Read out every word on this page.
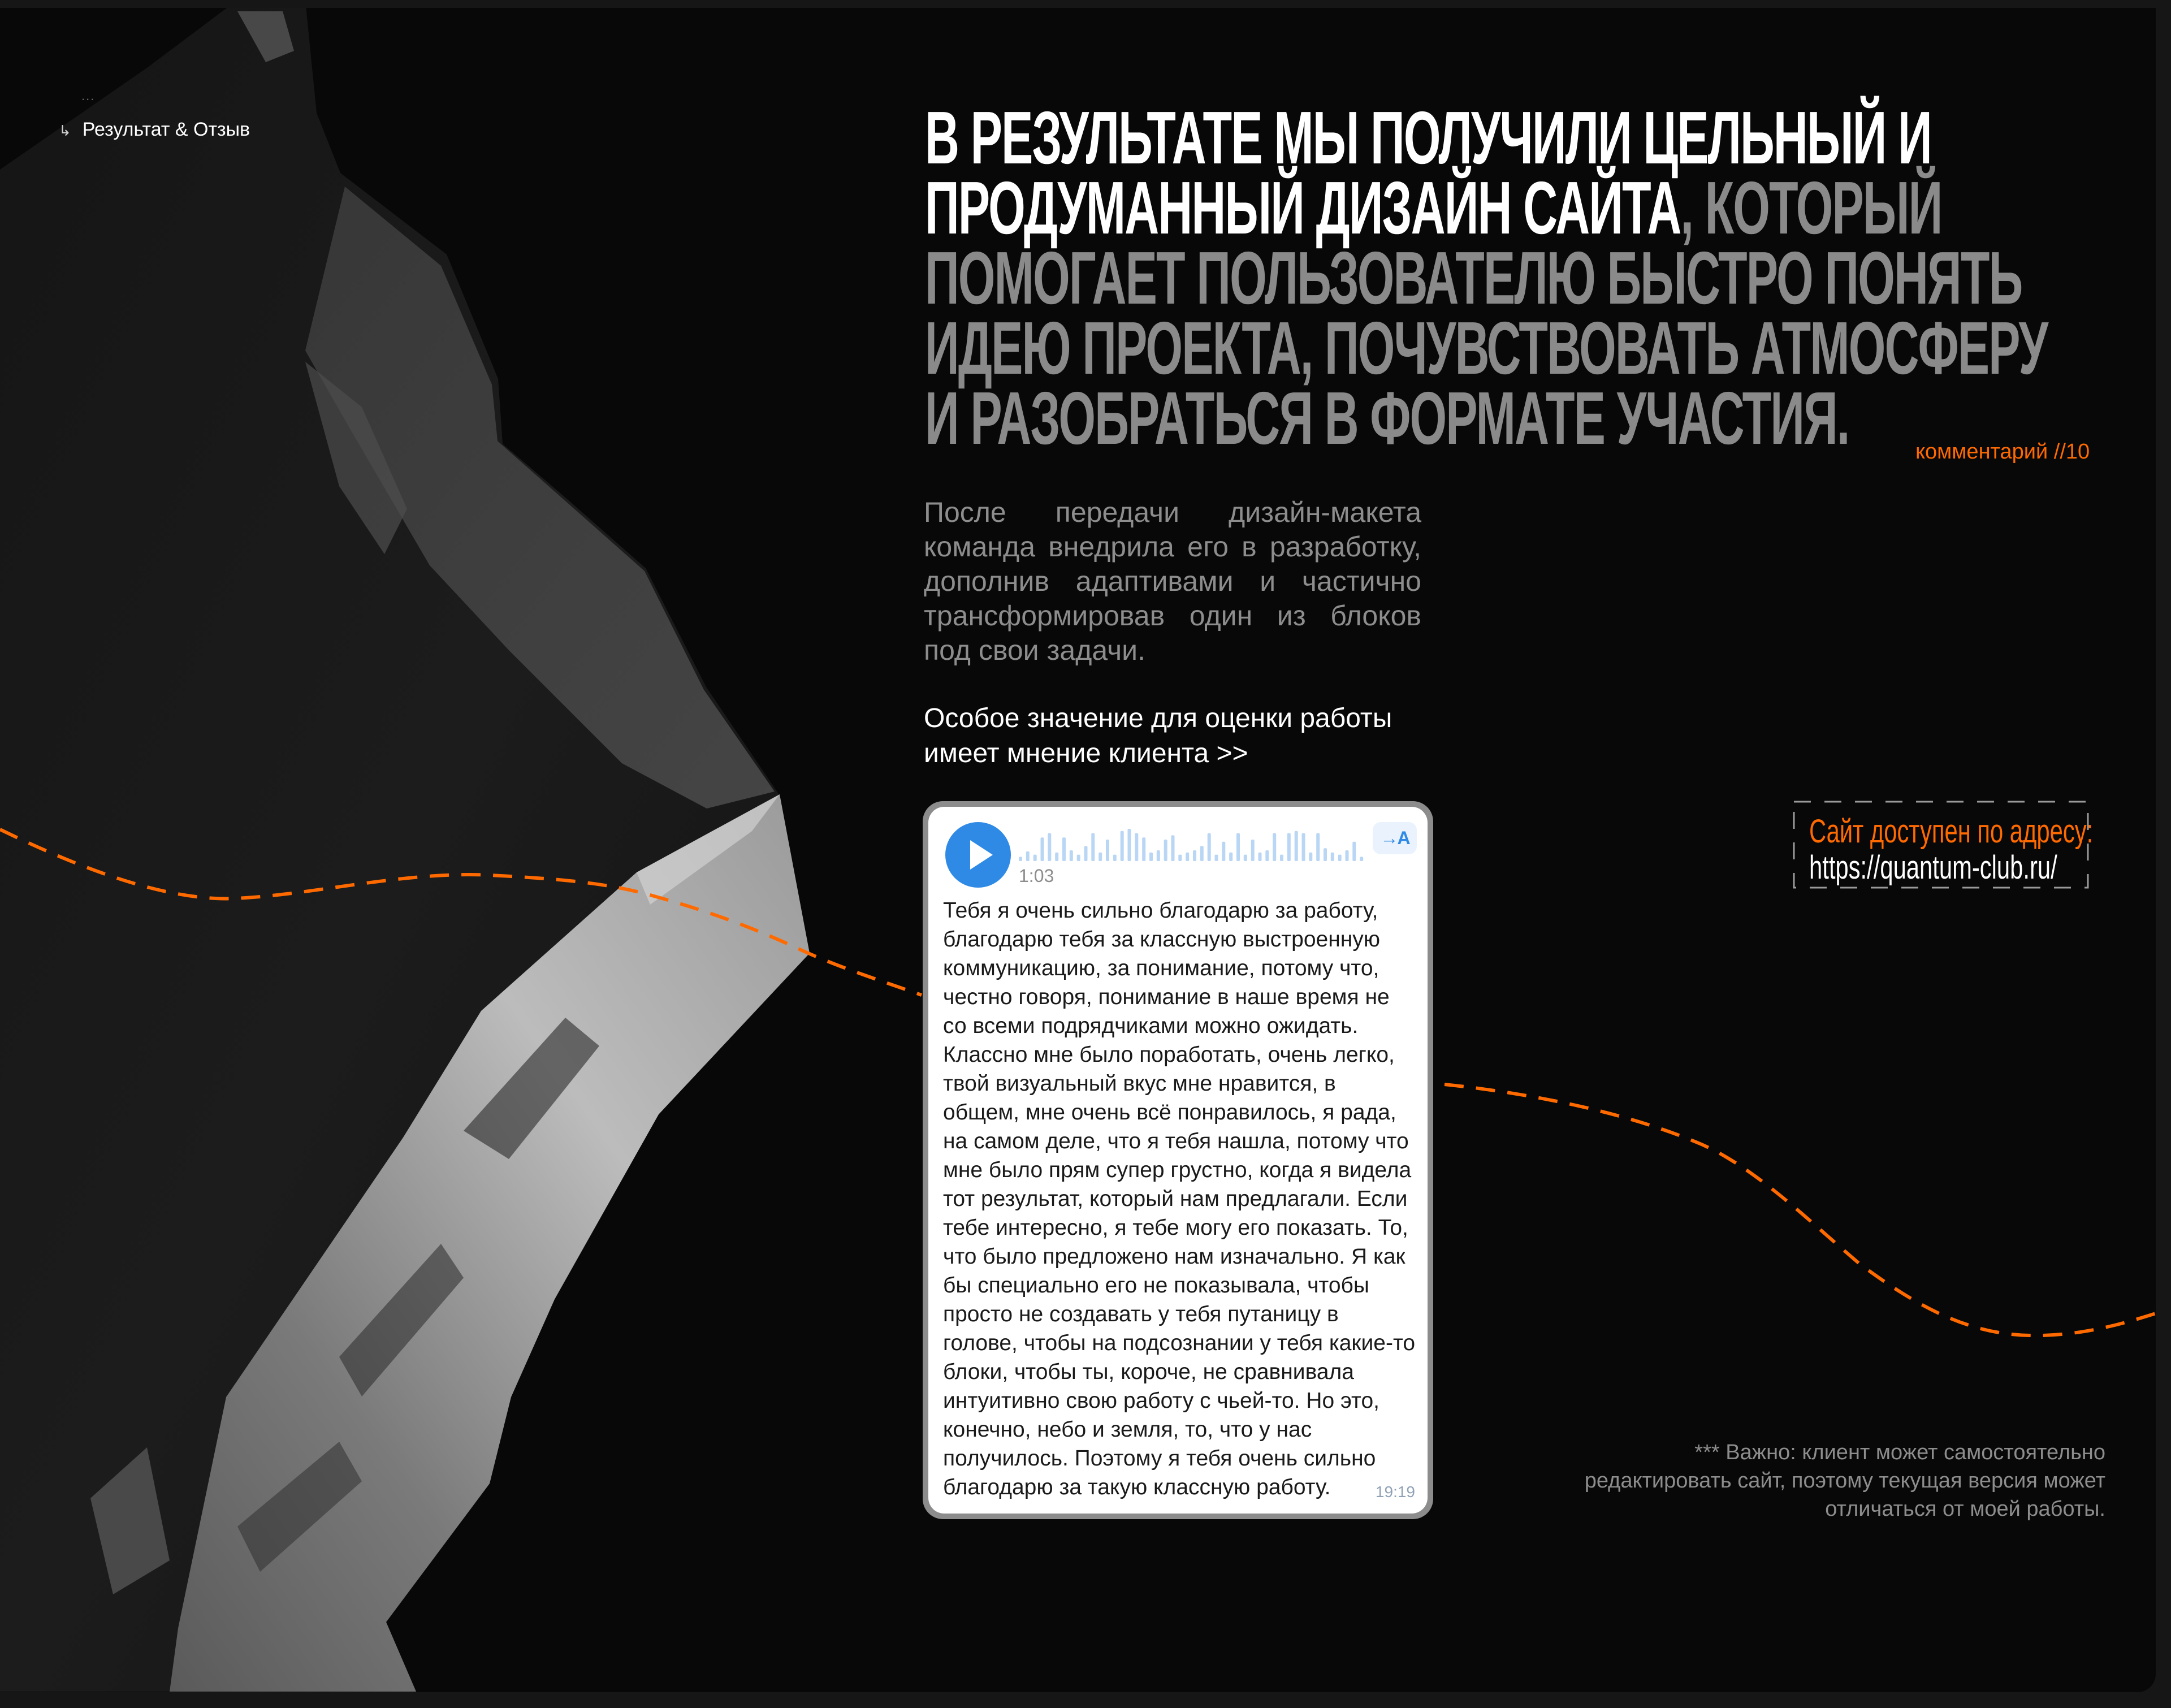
...
↳ Результат & Отзыв	В РЕЗУЛЬТАТЕ МЫ ПОЛУЧИЛИ ЦЕЛЬНЫЙ И
ПРОДУМАННЫЙ ДИЗАЙН САЙТА, КОТОРЫЙ
ПОМОГАЕТ ПОЛЬЗОВАТЕЛЮ БЫСТРО ПОНЯТЬ
ИДЕЮ ПРОЕКТА, ПОЧУВСТВОВАТЬ АТМОСФЕРУ
И РАЗОБРАТЬСЯ В ФОРМАТЕ УЧАСТИЯ.	комментарий //10

После передачи дизайн-макета команда внедрила его в разработку, дополнив адаптивами и частично трансформировав один из блоков под свои задачи.

Особое значение для оценки работы имеет мнение клиента >>

1:03
→A
Тебя я очень сильно благодарю за работу,
благодарю тебя за классную выстроенную
коммуникацию, за понимание, потому что,
честно говоря, понимание в наше время не
со всеми подрядчиками можно ожидать.
Классно мне было поработать, очень легко,
твой визуальный вкус мне нравится, в
общем, мне очень всё понравилось, я рада,
на самом деле, что я тебя нашла, потому что
мне было прям супер грустно, когда я видела
тот результат, который нам предлагали. Если
тебе интересно, я тебе могу его показать. То,
что было предложено нам изначально. Я как
бы специально его не показывала, чтобы
просто не создавать у тебя путаницу в
голове, чтобы на подсознании у тебя какие-то
блоки, чтобы ты, короче, не сравнивала
интуитивно свою работу с чьей-то. Но это,
конечно, небо и земля, то, что у нас
получилось. Поэтому я тебя очень сильно
благодарю за такую классную работу.	19:19
Сайт доступен по адресу:
https://quantum-club.ru/

*** Важно: клиент может самостоятельно редактировать сайт, поэтому текущая версия может отличаться от моей работы.
